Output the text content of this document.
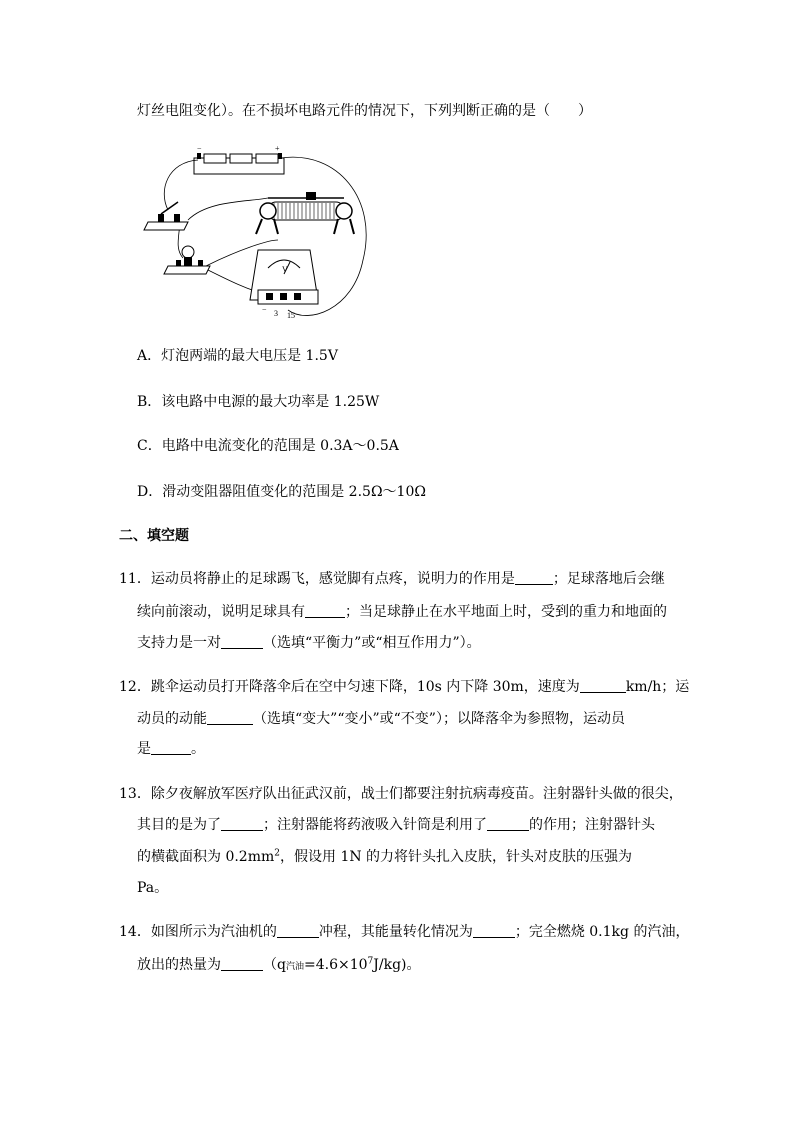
灯丝电阻变化）。在不损坏电路元件的情况下，下列判断正确的是（　　）
−	+
V
− 3 15
A．灯泡两端的最大电压是 1.5V
B．该电路中电源的最大功率是 1.25W
C．电路中电流变化的范围是 0.3A～0.5A
D．滑动变阻器阻值变化的范围是 2.5Ω～10Ω
二、填空题
11．运动员将静止的足球踢飞，感觉脚有点疼，说明力的作用是	；足球落地后会继
续向前滚动，说明足球具有	；当足球静止在水平地面上时，受到的重力和地面的
支持力是一对	（选填“平衡力”或“相互作用力”）。
12．跳伞运动员打开降落伞后在空中匀速下降，10s 内下降 30m，速度为	km/h；运
动员的动能	（选填“变大”“变小”或“不变”）；以降落伞为参照物，运动员
是	。
13．除夕夜解放军医疗队出征武汉前，战士们都要注射抗病毒疫苗。注射器针头做的很尖，
其目的是为了	；注射器能将药液吸入针筒是利用了	的作用；注射器针头
的横截面积为 $0.2mm^2$，假设用 1N 的力将针头扎入皮肤，针头对皮肤的压强为
Pa。
14．如图所示为汽油机的	冲程，其能量转化情况为	；完全燃烧 0.1kg 的汽油，
放出的热量为	（q汽油$=4.6\times 10^7J/kg$)。
